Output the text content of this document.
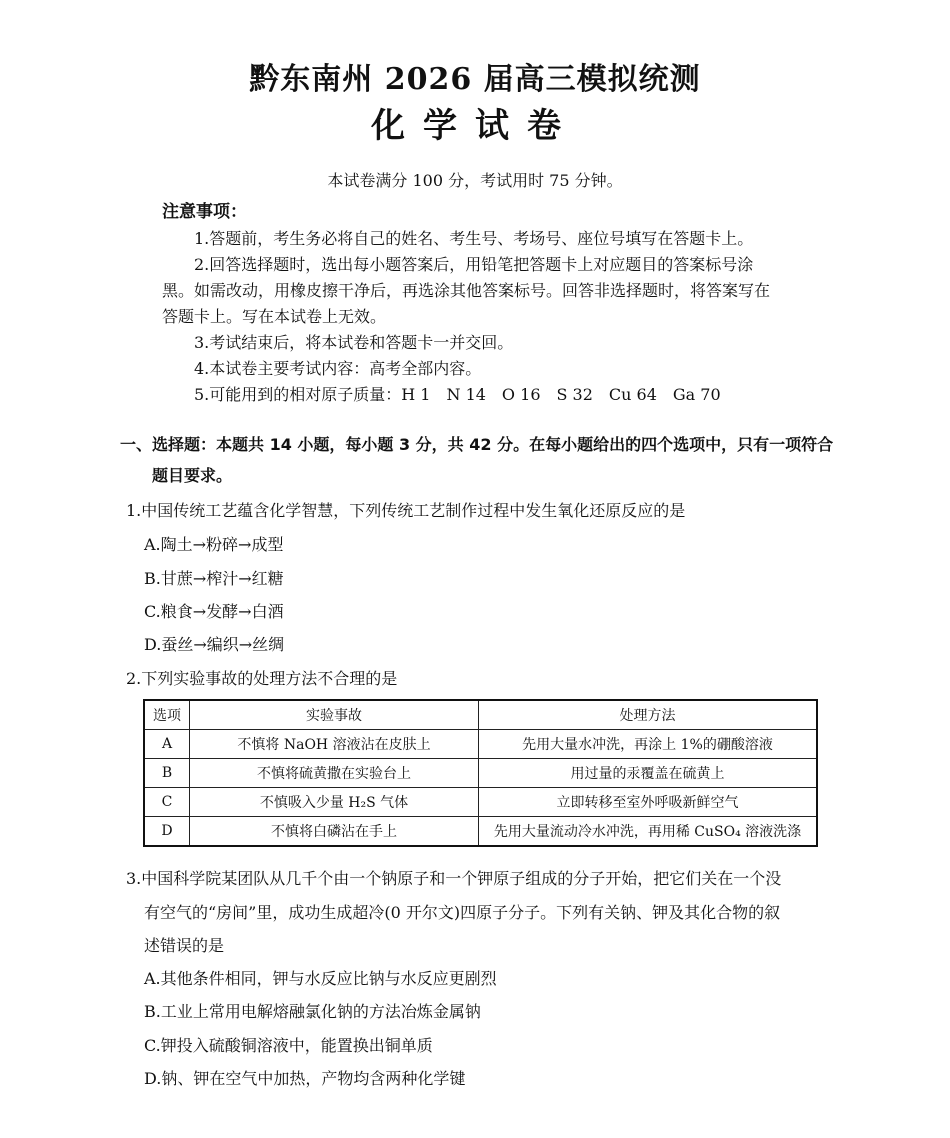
黔东南州 2026 届高三模拟统测
化学试卷
本试卷满分 100 分，考试用时 75 分钟。
注意事项：
1.答题前，考生务必将自己的姓名、考生号、考场号、座位号填写在答题卡上。
2.回答选择题时，选出每小题答案后，用铅笔把答题卡上对应题目的答案标号涂
黑。如需改动，用橡皮擦干净后，再选涂其他答案标号。回答非选择题时，将答案写在
答题卡上。写在本试卷上无效。
3.考试结束后，将本试卷和答题卡一并交回。
4.本试卷主要考试内容：高考全部内容。
5.可能用到的相对原子质量：H 1　N 14　O 16　S 32　Cu 64　Ga 70
一、选择题：本题共 14 小题，每小题 3 分，共 42 分。在每小题给出的四个选项中，只有一项符合
题目要求。
1.中国传统工艺蕴含化学智慧，下列传统工艺制作过程中发生氧化还原反应的是
A.陶土→粉碎→成型
B.甘蔗→榨汁→红糖
C.粮食→发酵→白酒
D.蚕丝→编织→丝绸
2.下列实验事故的处理方法不合理的是
选项	实验事故	处理方法
A	不慎将 NaOH 溶液沾在皮肤上	先用大量水冲洗，再涂上 1%的硼酸溶液
B	不慎将硫黄撒在实验台上	用过量的汞覆盖在硫黄上
C	不慎吸入少量 H₂S 气体	立即转移至室外呼吸新鲜空气
D	不慎将白磷沾在手上	先用大量流动冷水冲洗，再用稀 CuSO₄ 溶液洗涤
3.中国科学院某团队从几千个由一个钠原子和一个钾原子组成的分子开始，把它们关在一个没
有空气的“房间”里，成功生成超冷(0 开尔文)四原子分子。下列有关钠、钾及其化合物的叙
述错误的是
A.其他条件相同，钾与水反应比钠与水反应更剧烈
B.工业上常用电解熔融氯化钠的方法冶炼金属钠
C.钾投入硫酸铜溶液中，能置换出铜单质
D.钠、钾在空气中加热，产物均含两种化学键
